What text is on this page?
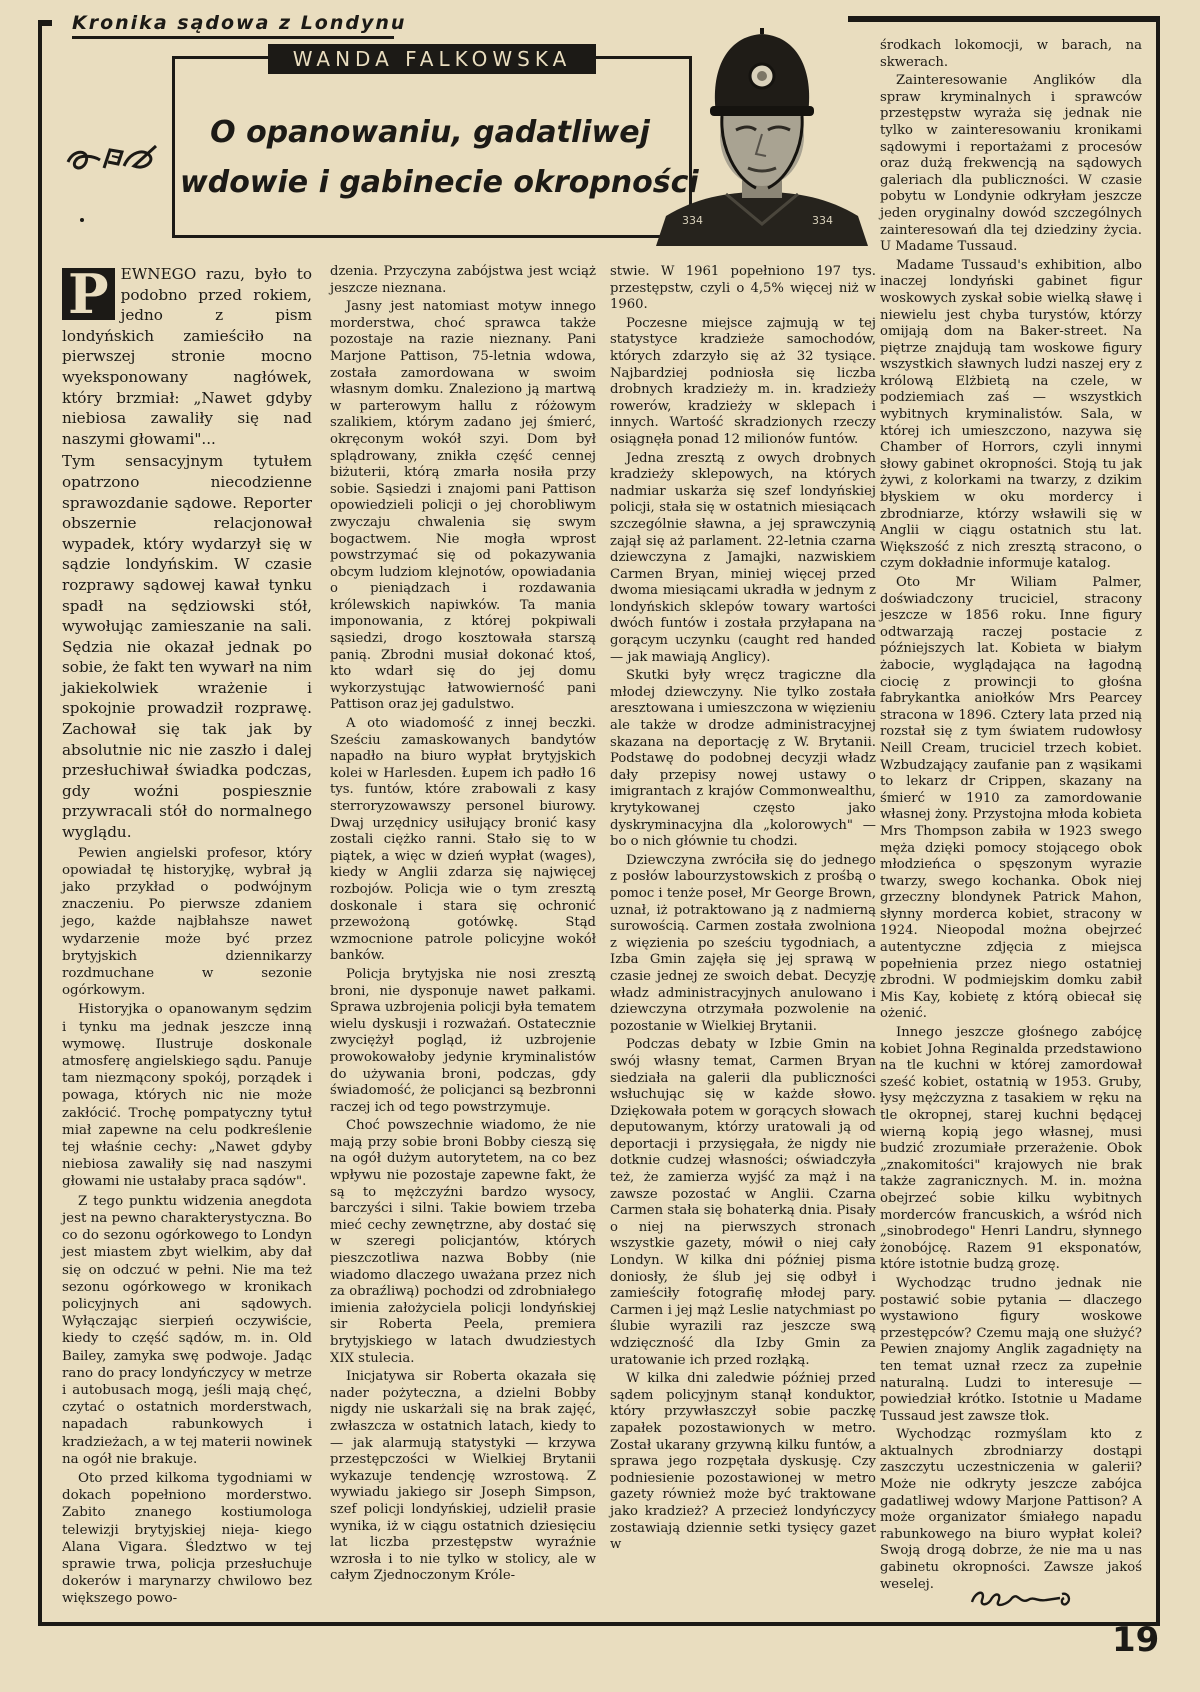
Kronika sądowa z Londynu
WANDA FALKOWSKA
O opanowaniu, gadatliwej
wdowie i gabinecie okropności
334	334

P EWNEGO razu, było to podobno przed rokiem, jedno z pism londyńskich zamieściło na pierwszej stronie mocno wyeksponowany nagłówek, który brzmiał: „Nawet gdyby niebiosa zawaliły się nad naszymi głowami"...

Tym sensacyjnym tytułem opatrzono niecodzienne sprawozdanie sądowe. Reporter obszernie relacjonował wypadek, który wydarzył się w sądzie londyńskim. W czasie rozprawy sądowej kawał tynku spadł na sędziowski stół, wywołując zamieszanie na sali. Sędzia nie okazał jednak po sobie, że fakt ten wywarł na nim jakiekolwiek wrażenie i spokojnie prowadził rozprawę. Zachował się tak jak by absolutnie nic nie zaszło i dalej przesłuchiwał świadka podczas, gdy woźni pospiesznie przywracali stół do normalnego wyglądu.

Pewien angielski profesor, który opowiadał tę historyjkę, wybrał ją jako przykład o podwójnym znaczeniu. Po pierwsze zdaniem jego, każde najbłahsze nawet wydarzenie może być przez brytyjskich dziennikarzy rozdmuchane w sezonie ogórkowym.

Historyjka o opanowanym sędzim i tynku ma jednak jeszcze inną wymowę. Ilustruje doskonale atmosferę angielskiego sądu. Panuje tam niezmącony spokój, porządek i powaga, których nic nie może zakłócić. Trochę pompatyczny tytuł miał zapewne na celu podkreślenie tej właśnie cechy: „Nawet gdyby niebiosa zawaliły się nad naszymi głowami nie ustałaby praca sądów".

Z tego punktu widzenia anegdota jest na pewno charakterystyczna. Bo co do sezonu ogórkowego to Londyn jest miastem zbyt wielkim, aby dał się on odczuć w pełni. Nie ma też sezonu ogórkowego w kronikach policyjnych ani sądowych. Wyłączając sierpień oczywiście, kiedy to część sądów, m. in. Old Bailey, zamyka swę podwoje. Jadąc rano do pracy londyńczycy w metrze i autobusach mogą, jeśli mają chęć, czytać o ostatnich morderstwach, napadach rabunkowych i kradzieżach, a w tej materii nowinek na ogół nie brakuje.

Oto przed kilkoma tygodniami w dokach popełniono morderstwo. Zabito znanego kostiumologa telewizji brytyjskiej nieja- kiego Alana Vigara. Śledztwo w tej sprawie trwa, policja przesłuchuje dokerów i marynarzy chwilowo bez większego powo-

dzenia. Przyczyna zabójstwa jest wciąż jeszcze nieznana.

Jasny jest natomiast motyw innego morderstwa, choć sprawca także pozostaje na razie nieznany. Pani Marjone Pattison, 75-letnia wdowa, została zamordowana w swoim własnym domku. Znaleziono ją martwą w parterowym hallu z różowym szalikiem, którym zadano jej śmierć, okręconym wokół szyi. Dom był splądrowany, znikła część cennej biżuterii, którą zmarła nosiła przy sobie. Sąsiedzi i znajomi pani Pattison opowiedzieli policji o jej chorobliwym zwyczaju chwalenia się swym bogactwem. Nie mogła wprost powstrzymać się od pokazywania obcym ludziom klejnotów, opowiadania o pieniądzach i rozdawania królewskich napiwków. Ta mania imponowania, z której pokpiwali sąsiedzi, drogo kosztowała starszą panią. Zbrodni musiał dokonać ktoś, kto wdarł się do jej domu wykorzystując łatwowierność pani Pattison oraz jej gadulstwo.

A oto wiadomość z innej beczki. Sześciu zamaskowanych bandytów napadło na biuro wypłat brytyjskich kolei w Harlesden. Łupem ich padło 16 tys. funtów, które zrabowali z kasy sterroryzowawszy personel biurowy. Dwaj urzędnicy usiłujący bronić kasy zostali ciężko ranni. Stało się to w piątek, a więc w dzień wypłat (wages), kiedy w Anglii zdarza się najwięcej rozbojów. Policja wie o tym zresztą doskonale i stara się ochronić przewożoną gotówkę. Stąd wzmocnione patrole policyjne wokół banków.

Policja brytyjska nie nosi zresztą broni, nie dysponuje nawet pałkami. Sprawa uzbrojenia policji była tematem wielu dyskusji i rozważań. Ostatecznie zwyciężył pogląd, iż uzbrojenie prowokowałoby jedynie kryminalistów do używania broni, podczas, gdy świadomość, że policjanci są bezbronni raczej ich od tego powstrzymuje.

Choć powszechnie wiadomo, że nie mają przy sobie broni Bobby cieszą się na ogół dużym autorytetem, na co bez wpływu nie pozostaje zapewne fakt, że są to mężczyźni bardzo wysocy, barczyści i silni. Takie bowiem trzeba mieć cechy zewnętrzne, aby dostać się w szeregi policjantów, których pieszczotliwa nazwa Bobby (nie wiadomo dlaczego uważana przez nich za obraźliwą) pochodzi od zdrobniałego imienia założyciela policji londyńskiej sir Roberta Peela, premiera brytyjskiego w latach dwudziestych XIX stulecia.

Inicjatywa sir Roberta okazała się nader pożyteczna, a dzielni Bobby nigdy nie uskarżali się na brak zajęć, zwłaszcza w ostatnich latach, kiedy to — jak alarmują statystyki — krzywa przestępczości w Wielkiej Brytanii wykazuje tendencję wzrostową. Z wywiadu jakiego sir Joseph Simpson, szef policji londyńskiej, udzielił prasie wynika, iż w ciągu ostatnich dziesięciu lat liczba przestępstw wyraźnie wzrosła i to nie tylko w stolicy, ale w całym Zjednoczonym Króle-

stwie. W 1961 popełniono 197 tys. przestępstw, czyli o 4,5% więcej niż w 1960.

Poczesne miejsce zajmują w tej statystyce kradzieże samochodów, których zdarzyło się aż 32 tysiące. Najbardziej podniosła się liczba drobnych kradzieży m. in. kradzieży rowerów, kradzieży w sklepach i innych. Wartość skradzionych rzeczy osiągnęła ponad 12 milionów funtów.

Jedna zresztą z owych drobnych kradzieży sklepowych, na których nadmiar uskarża się szef londyńskiej policji, stała się w ostatnich miesiącach szczególnie sławna, a jej sprawczynią zajął się aż parlament. 22-letnia czarna dziewczyna z Jamajki, nazwiskiem Carmen Bryan, miniej więcej przed dwoma miesiącami ukradła w jednym z londyńskich sklepów towary wartości dwóch funtów i została przyłapana na gorącym uczynku (caught red handed — jak mawiają Anglicy).

Skutki były wręcz tragiczne dla młodej dziewczyny. Nie tylko została aresztowana i umieszczona w więzieniu ale także w drodze administracyjnej skazana na deportację z W. Brytanii. Podstawę do podobnej decyzji władz dały przepisy nowej ustawy o imigrantach z krajów Commonwealthu, krytykowanej często jako dyskryminacyjna dla „kolorowych" — bo o nich głównie tu chodzi.

Dziewczyna zwróciła się do jednego z posłów labourzystowskich z prośbą o pomoc i tenże poseł, Mr George Brown, uznał, iż potraktowano ją z nadmierną surowością. Carmen została zwolniona z więzienia po sześciu tygodniach, a Izba Gmin zajęła się jej sprawą w czasie jednej ze swoich debat. Decyzję władz administracyjnych anulowano i dziewczyna otrzymała pozwolenie na pozostanie w Wielkiej Brytanii.

Podczas debaty w Izbie Gmin na swój własny temat, Carmen Bryan siedziała na galerii dla publiczności wsłuchując się w każde słowo. Dziękowała potem w gorących słowach deputowanym, którzy uratowali ją od deportacji i przysięgała, że nigdy nie dotknie cudzej własności; oświadczyła też, że zamierza wyjść za mąż i na zawsze pozostać w Anglii. Czarna Carmen stała się bohaterką dnia. Pisały o niej na pierwszych stronach wszystkie gazety, mówił o niej cały Londyn. W kilka dni później pisma doniosły, że ślub jej się odbył i zamieściły fotografię młodej pary. Carmen i jej mąż Leslie natychmiast po ślubie wyrazili raz jeszcze swą wdzięczność dla Izby Gmin za uratowanie ich przed rozłąką.

W kilka dni zaledwie później przed sądem policyjnym stanął konduktor, który przywłaszczył sobie paczkę zapałek pozostawionych w metro. Został ukarany grzywną kilku funtów, a sprawa jego rozpętała dyskusję. Czy podniesienie pozostawionej w metro gazety również może być traktowane jako kradzież? A przecież londyńczycy zostawiają dziennie setki tysięcy gazet w

środkach lokomocji, w barach, na skwerach.

Zainteresowanie Anglików dla spraw kryminalnych i sprawców przestępstw wyraża się jednak nie tylko w zainteresowaniu kronikami sądowymi i reportażami z procesów oraz dużą frekwencją na sądowych galeriach dla publiczności. W czasie pobytu w Londynie odkryłam jeszcze jeden oryginalny dowód szczególnych zainteresowań dla tej dziedziny życia. U Madame Tussaud.

Madame Tussaud's exhibition, albo inaczej londyński gabinet figur woskowych zyskał sobie wielką sławę i niewielu jest chyba turystów, którzy omijają dom na Baker-street. Na piętrze znajdują tam woskowe figury wszystkich sławnych ludzi naszej ery z królową Elżbietą na czele, w podziemiach zaś — wszystkich wybitnych kryminalistów. Sala, w której ich umieszczono, nazywa się Chamber of Horrors, czyli innymi słowy gabinet okropności. Stoją tu jak żywi, z kolorkami na twarzy, z dzikim błyskiem w oku mordercy i zbrodniarze, którzy wsławili się w Anglii w ciągu ostatnich stu lat. Większość z nich zresztą stracono, o czym dokładnie informuje katalog.

Oto Mr Wiliam Palmer, doświadczony truciciel, stracony jeszcze w 1856 roku. Inne figury odtwarzają raczej postacie z późniejszych lat. Kobieta w białym żabocie, wyglądająca na łagodną ciocię z prowincji to głośna fabrykantka aniołków Mrs Pearcey stracona w 1896. Cztery lata przed nią rozstał się z tym światem rudowłosy Neill Cream, truciciel trzech kobiet. Wzbudzający zaufanie pan z wąsikami to lekarz dr Crippen, skazany na śmierć w 1910 za zamordowanie własnej żony. Przystojna młoda kobieta Mrs Thompson zabiła w 1923 swego męża dzięki pomocy stojącego obok młodzieńca o spęszonym wyrazie twarzy, swego kochanka. Obok niej grzeczny blondynek Patrick Mahon, słynny morderca kobiet, stracony w 1924. Nieopodal można obejrzeć autentyczne zdjęcia z miejsca popełnienia przez niego ostatniej zbrodni. W podmiejskim domku zabił Mis Kay, kobietę z którą obiecał się ożenić.

Innego jeszcze głośnego zabójcę kobiet Johna Reginalda przedstawiono na tle kuchni w której zamordował sześć kobiet, ostatnią w 1953. Gruby, łysy mężczyzna z tasakiem w ręku na tle okropnej, starej kuchni będącej wierną kopią jego własnej, musi budzić zrozumiałe przerażenie. Obok „znakomitości" krajowych nie brak także zagranicznych. M. in. można obejrzeć sobie kilku wybitnych morderców francuskich, a wśród nich „sinobrodego" Henri Landru, słynnego żonobójcę. Razem 91 eksponatów, które istotnie budzą grozę.

Wychodząc trudno jednak nie postawić sobie pytania — dlaczego wystawiono figury woskowe przestępców? Czemu mają one służyć? Pewien znajomy Anglik zagadnięty na ten temat uznał rzecz za zupełnie naturalną. Ludzi to interesuje — powiedział krótko. Istotnie u Madame Tussaud jest zawsze tłok.

Wychodząc rozmyślam kto z aktualnych zbrodniarzy dostąpi zaszczytu uczestniczenia w galerii? Może nie odkryty jeszcze zabójca gadatliwej wdowy Marjone Pattison? A może organizator śmiałego napadu rabunkowego na biuro wypłat kolei? Swoją drogą dobrze, że nie ma u nas gabinetu okropności. Zawsze jakoś weselej.

19
